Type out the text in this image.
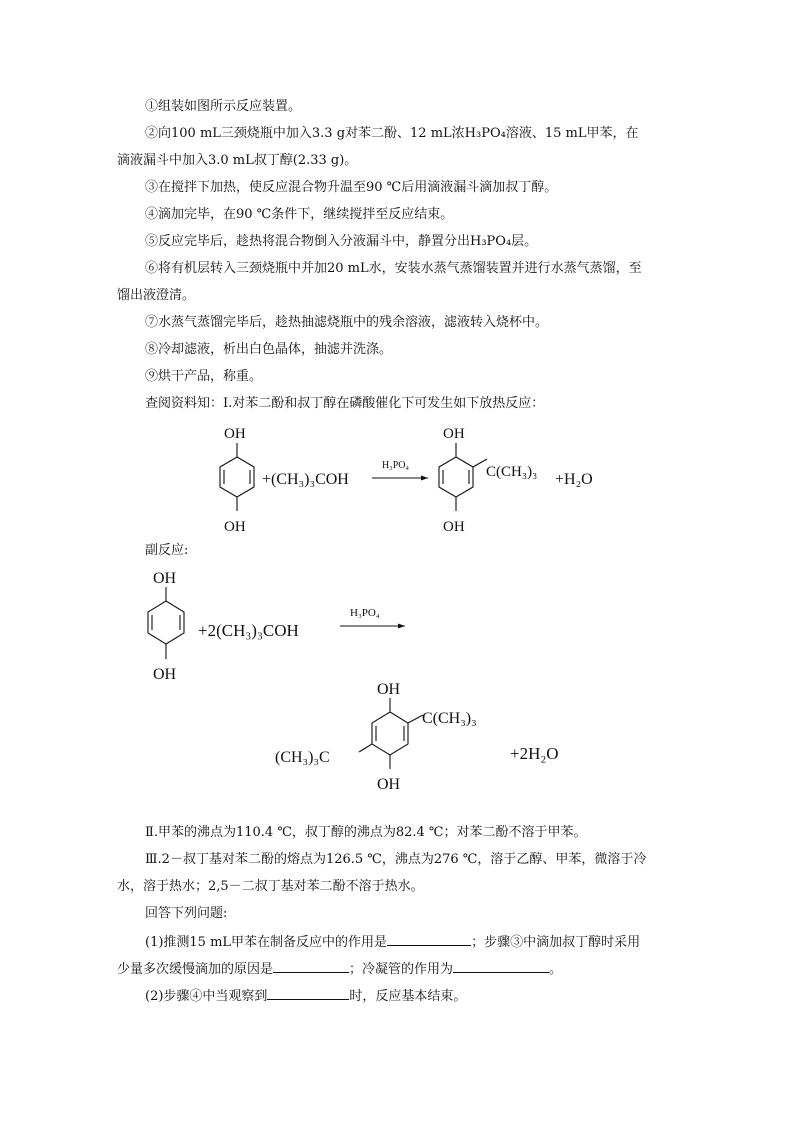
①组装如图所示反应装置。
②向100 mL三颈烧瓶中加入3.3 g对苯二酚、12 mL浓H₃PO₄溶液、15 mL甲苯，在
滴液漏斗中加入3.0 mL叔丁醇(2.33 g)。
③在搅拌下加热，使反应混合物升温至90 ℃后用滴液漏斗滴加叔丁醇。
④滴加完毕，在90 ℃条件下，继续搅拌至反应结束。
⑤反应完毕后，趁热将混合物倒入分液漏斗中，静置分出H₃PO₄层。
⑥将有机层转入三颈烧瓶中并加20 mL水，安装水蒸气蒸馏装置并进行水蒸气蒸馏，至
馏出液澄清。
⑦水蒸气蒸馏完毕后，趁热抽滤烧瓶中的残余溶液，滤液转入烧杯中。
⑧冷却滤液，析出白色晶体，抽滤并洗涤。
⑨烘干产品，称重。
查阅资料知：Ⅰ.对苯二酚和叔丁醇在磷酸催化下可发生如下放热反应：
OH
OH
+(CH₃)₃COH
H₃PO₄
OH
OH
C(CH₃)₃ +H₂O
副反应:
OH
OH
+2(CH₃)₃COH
H₃PO₄
OH
OH
C(CH₃)₃
(CH₃)₃C	+2H₂O
Ⅱ.甲苯的沸点为110.4 ℃，叔丁醇的沸点为82.4 ℃；对苯二酚不溶于甲苯。
Ⅲ.2－叔丁基对苯二酚的熔点为126.5 ℃，沸点为276 ℃，溶于乙醇、甲苯，微溶于冷
水，溶于热水；2,5－二叔丁基对苯二酚不溶于热水。
回答下列问题:
(1)推测15 mL甲苯在制备反应中的作用是	；步骤③中滴加叔丁醇时采用
少量多次缓慢滴加的原因是	；冷凝管的作用为	。
(2)步骤④中当观察到	时，反应基本结束。
